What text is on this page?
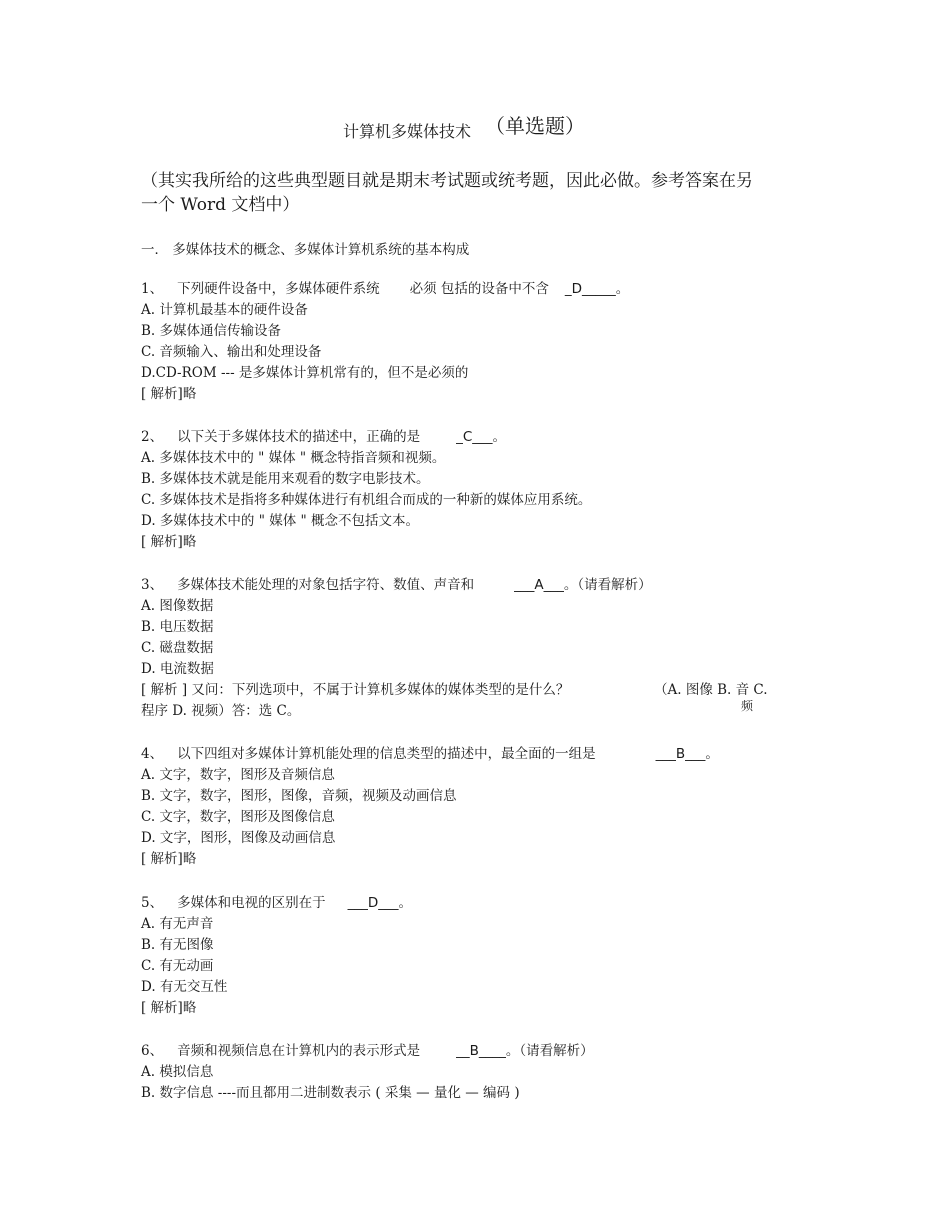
计算机多媒体技术 （单选题）
（其实我所给的这些典型题目就是期末考试题或统考题，因此必做。参考答案在另
一个 Word 文档中）
一． 多媒体技术的概念、多媒体计算机系统的基本构成
1、 下列硬件设备中，多媒体硬件系统 必须 包括的设备中不含 _D_____。
A. 计算机最基本的硬件设备
B. 多媒体通信传输设备
C. 音频输入、输出和处理设备
D.CD-ROM --- 是多媒体计算机常有的，但不是必须的
[ 解析]略
2、 以下关于多媒体技术的描述中，正确的是	_C___。
A. 多媒体技术中的 " 媒体 " 概念特指音频和视频。
B. 多媒体技术就是能用来观看的数字电影技术。
C. 多媒体技术是指将多种媒体进行有机组合而成的一种新的媒体应用系统。
D. 多媒体技术中的 " 媒体 " 概念不包括文本。
[ 解析]略
3、 多媒体技术能处理的对象包括字符、数值、声音和	___A___。（请看解析）
A. 图像数据
B. 电压数据
C. 磁盘数据
D. 电流数据
[ 解析 ] 又问：下列选项中，不属于计算机多媒体的媒体类型的是什么？	（A. 图像 B. 音 C.
频
程序 D. 视频）答：选 C。
4、 以下四组对多媒体计算机能处理的信息类型的描述中，最全面的一组是	___B___。
A. 文字，数字，图形及音频信息
B. 文字，数字，图形，图像，音频，视频及动画信息
C. 文字，数字，图形及图像信息
D. 文字，图形，图像及动画信息
[ 解析]略
5、 多媒体和电视的区别在于 ___D___。
A. 有无声音
B. 有无图像
C. 有无动画
D. 有无交互性
[ 解析]略
6、 音频和视频信息在计算机内的表示形式是	__B____。（请看解析）
A. 模拟信息
B. 数字信息 ----而且都用二进制数表示 ( 采集 — 量化 — 编码 )
